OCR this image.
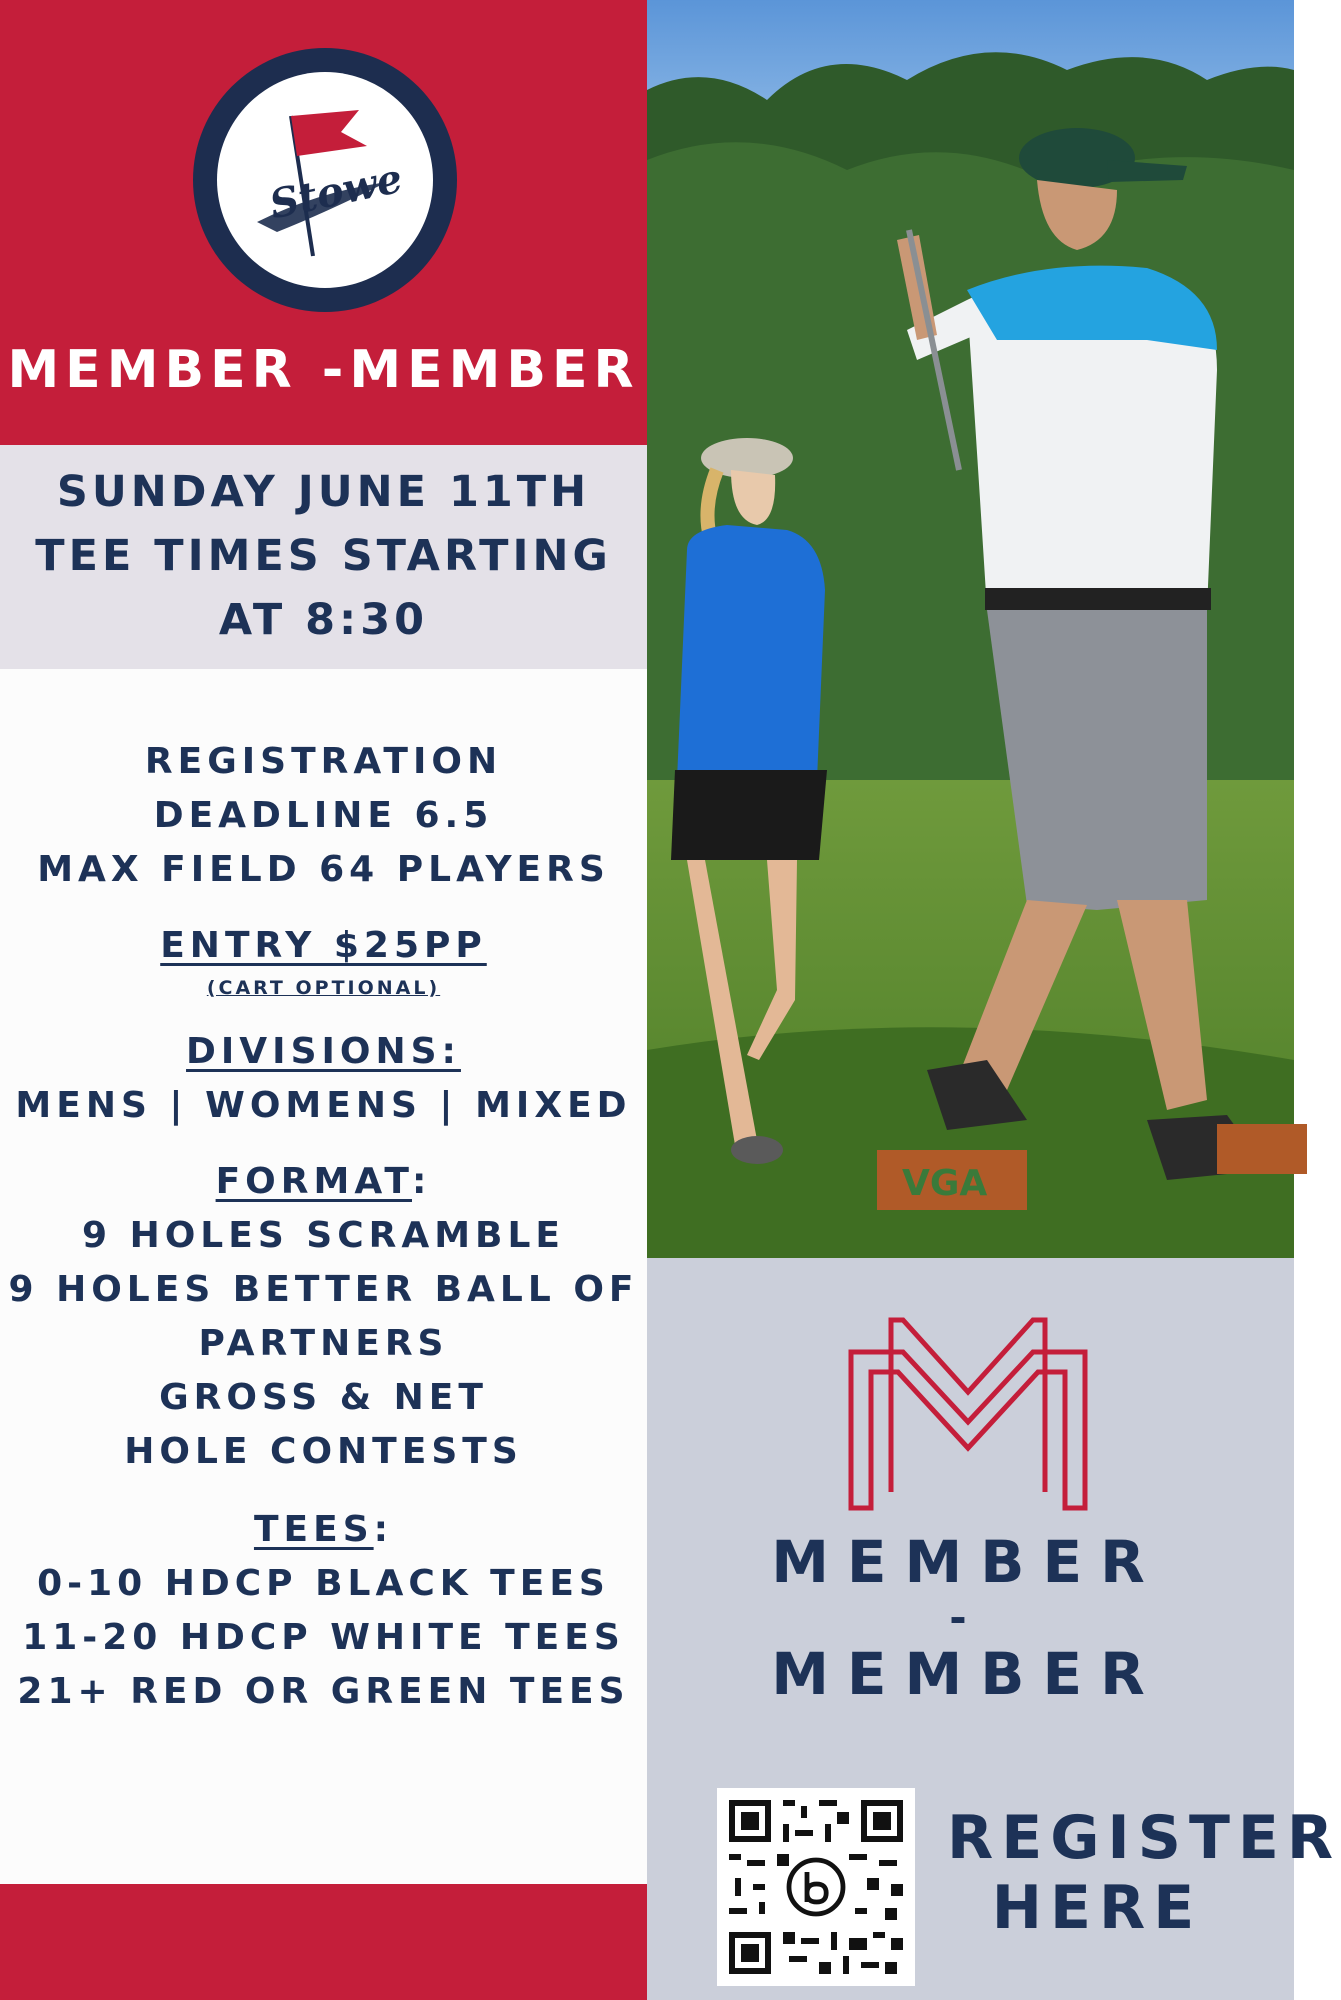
Stowe
MEMBER -MEMBER
SUNDAY JUNE 11TH
TEE TIMES STARTING
AT 8:30
REGISTRATION
DEADLINE 6.5
MAX FIELD 64 PLAYERS
ENTRY $25PP
(CART OPTIONAL)
DIVISIONS:
MENS | WOMENS | MIXED
FORMAT:
9 HOLES SCRAMBLE
9 HOLES BETTER BALL OF
PARTNERS
GROSS & NET
HOLE CONTESTS
TEES:
0-10 HDCP BLACK TEES
11-20 HDCP WHITE TEES
21+ RED OR GREEN TEES
VGA
MEMBER
-
MEMBER
REGISTER
HERE
